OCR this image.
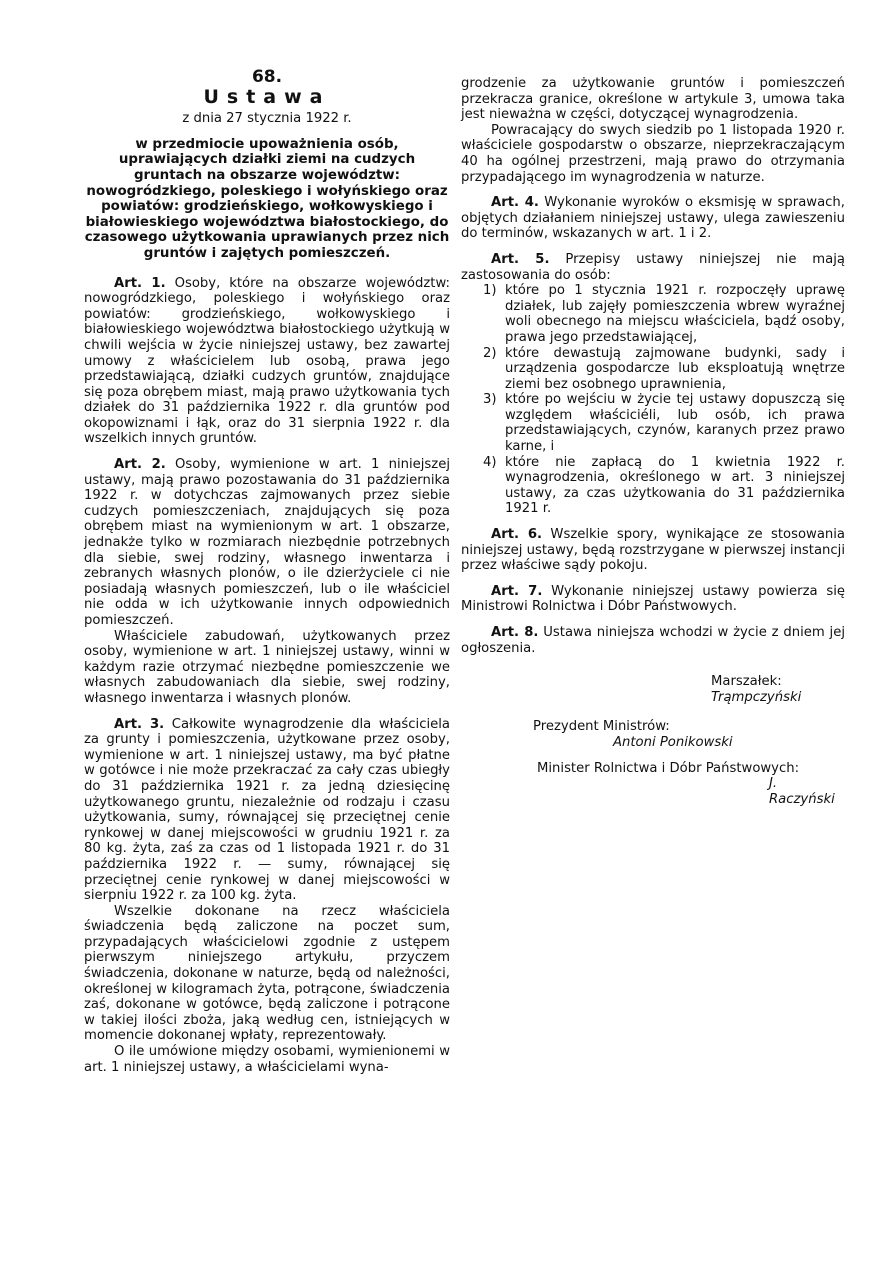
68.
Ustawa
z dnia 27 stycznia 1922 r.
w przedmiocie upoważnienia osób, uprawiających działki ziemi na cudzych gruntach na obszarze województw: nowogródzkiego, poleskiego i wołyńskiego oraz powiatów: grodzieńskiego, wołkowyskiego i białowieskiego województwa białostockiego, do czasowego użytkowania uprawianych przez nich gruntów i zajętych pomieszczeń.

Art. 1. Osoby, które na obszarze województw: nowogródzkiego, poleskiego i wołyńskiego oraz powiatów: grodzieńskiego, wołkowyskiego i białowieskiego województwa białostockiego użytkują w chwili wejścia w życie niniejszej ustawy, bez zawartej umowy z właścicielem lub osobą, prawa jego przedstawiającą, działki cudzych gruntów, znajdujące się poza obrębem miast, mają prawo użytkowania tych działek do 31 października 1922 r. dla gruntów pod okopowiznami i łąk, oraz do 31 sierpnia 1922 r. dla wszelkich innych gruntów.

Art. 2. Osoby, wymienione w art. 1 niniejszej ustawy, mają prawo pozostawania do 31 października 1922 r. w dotychczas zajmowanych przez siebie cudzych pomieszczeniach, znajdujących się poza obrębem miast na wymienionym w art. 1 obszarze, jednakże tylko w rozmiarach niezbędnie potrzebnych dla siebie, swej rodziny, własnego inwentarza i zebranych własnych plonów, o ile dzierżyciele ci nie posiadają własnych pomieszczeń, lub o ile właściciel nie odda w ich użytkowanie innych odpowiednich pomieszczeń.

Właściciele zabudowań, użytkowanych przez osoby, wymienione w art. 1 niniejszej ustawy, winni w każdym razie otrzymać niezbędne pomieszczenie we własnych zabudowaniach dla siebie, swej rodziny, własnego inwentarza i własnych plonów.

Art. 3. Całkowite wynagrodzenie dla właściciela za grunty i pomieszczenia, użytkowane przez osoby, wymienione w art. 1 niniejszej ustawy, ma być płatne w gotówce i nie może przekraczać za cały czas ubiegły do 31 października 1921 r. za jedną dziesięcinę użytkowanego gruntu, niezależnie od rodzaju i czasu użytkowania, sumy, równającej się przeciętnej cenie rynkowej w danej miejscowości w grudniu 1921 r. za 80 kg. żyta, zaś za czas od 1 listopada 1921 r. do 31 października 1922 r. — sumy, równającej się przeciętnej cenie rynkowej w danej miejscowości w sierpniu 1922 r. za 100 kg. żyta.

Wszelkie dokonane na rzecz właściciela świadczenia będą zaliczone na poczet sum, przypadających właścicielowi zgodnie z ustępem pierwszym niniejszego artykułu, przyczem świadczenia, dokonane w naturze, będą od należności, określonej w kilogramach żyta, potrącone, świadczenia zaś, dokonane w gotówce, będą zaliczone i potrącone w takiej ilości zboża, jaką według cen, istniejących w momencie dokonanej wpłaty, reprezentowały.

O ile umówione między osobami, wymienionemi w art. 1 niniejszej ustawy, a właścicielami wyna-

grodzenie za użytkowanie gruntów i pomieszczeń przekracza granice, określone w artykule 3, umowa taka jest nieważna w części, dotyczącej wynagrodzenia.

Powracający do swych siedzib po 1 listopada 1920 r. właściciele gospodarstw o obszarze, nieprzekraczającym 40 ha ogólnej przestrzeni, mają prawo do otrzymania przypadającego im wynagrodzenia w naturze.

Art. 4. Wykonanie wyroków o eksmisję w sprawach, objętych działaniem niniejszej ustawy, ulega zawieszeniu do terminów, wskazanych w art. 1 i 2.

Art. 5. Przepisy ustawy niniejszej nie mają zastosowania do osób:

1) które po 1 stycznia 1921 r. rozpoczęły uprawę działek, lub zajęły pomieszczenia wbrew wyraźnej woli obecnego na miejscu właściciela, bądź osoby, prawa jego przedstawiającej,
2) które dewastują zajmowane budynki, sady i urządzenia gospodarcze lub eksploatują wnętrze ziemi bez osobnego uprawnienia,
3) które po wejściu w życie tej ustawy dopuszczą się względem właściciéli, lub osób, ich prawa przedstawiających, czynów, karanych przez prawo karne, i
4) które nie zapłacą do 1 kwietnia 1922 r. wynagrodzenia, określonego w art. 3 niniejszej ustawy, za czas użytkowania do 31 października 1921 r.

Art. 6. Wszelkie spory, wynikające ze stosowania niniejszej ustawy, będą rozstrzygane w pierwszej instancji przez właściwe sądy pokoju.

Art. 7. Wykonanie niniejszej ustawy powierza się Ministrowi Rolnictwa i Dóbr Państwowych.

Art. 8. Ustawa niniejsza wchodzi w życie z dniem jej ogłoszenia.

Marszałek:
Trąmpczyński
Prezydent Ministrów:
Antoni Ponikowski
Minister Rolnictwa i Dóbr Państwowych:
J. Raczyński
